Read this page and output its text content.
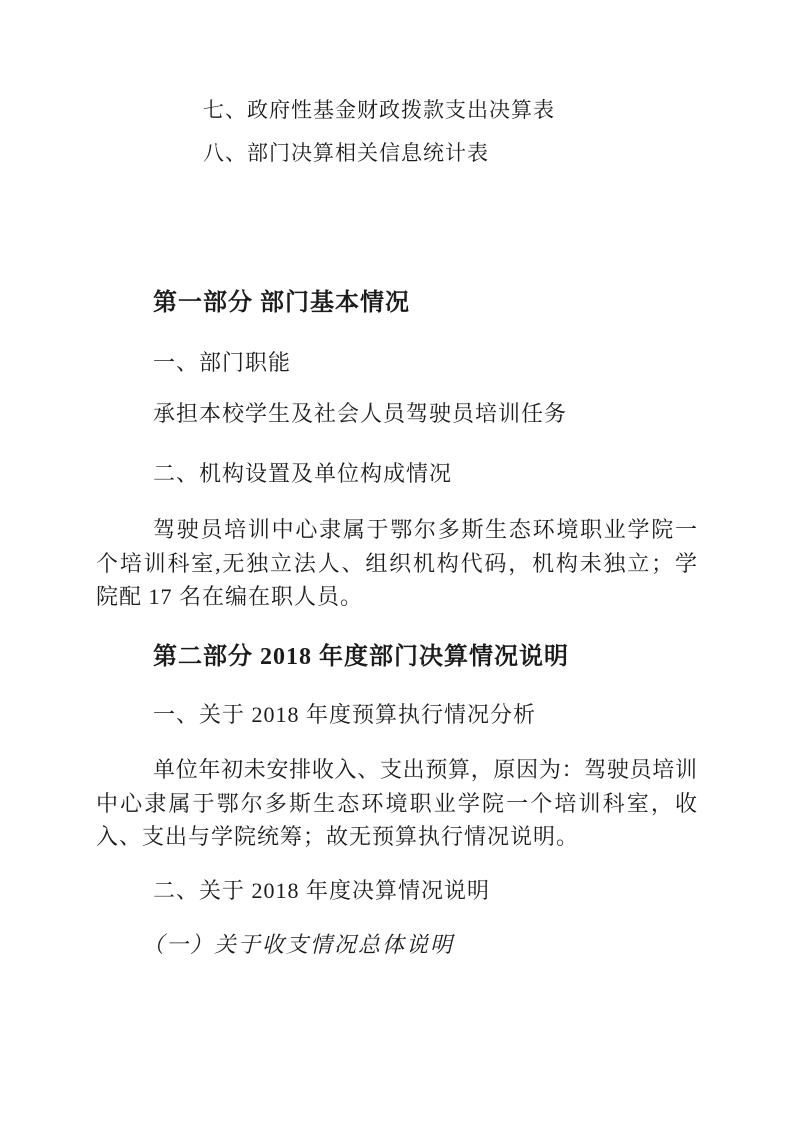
七、政府性基金财政拨款支出决算表
八、部门决算相关信息统计表
第一部分 部门基本情况
一、部门职能
承担本校学生及社会人员驾驶员培训任务
二、机构设置及单位构成情况
驾驶员培训中心隶属于鄂尔多斯生态环境职业学院一
个培训科室,无独立法人、组织机构代码，机构未独立；学
院配 17 名在编在职人员。
第二部分 2018 年度部门决算情况说明
一、关于 2018 年度预算执行情况分析
单位年初未安排收入、支出预算，原因为：驾驶员培训
中心隶属于鄂尔多斯生态环境职业学院一个培训科室，收
入、支出与学院统筹；故无预算执行情况说明。
二、关于 2018 年度决算情况说明
（一）关于收支情况总体说明
